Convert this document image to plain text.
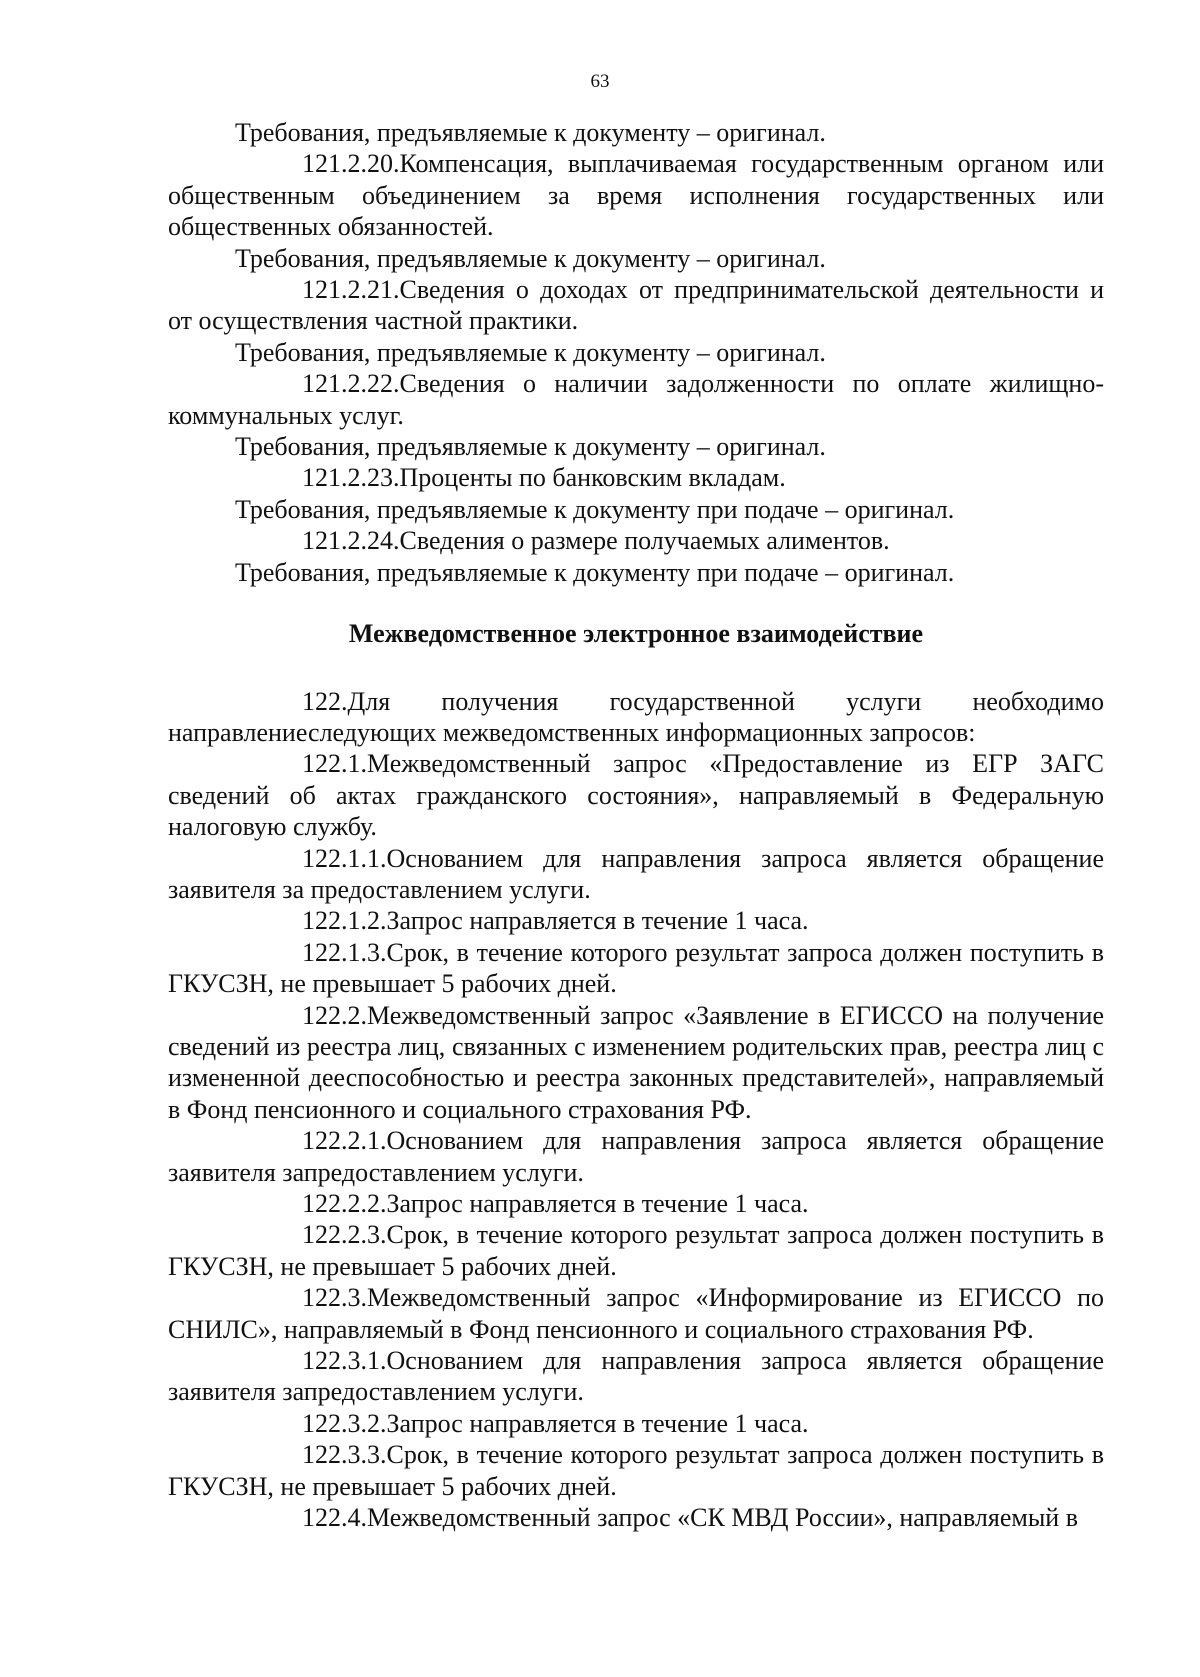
63

Требования, предъявляемые к документу – оригинал.

121.2.20.Компенсация, выплачиваемая государственным органом или общественным объединением за время исполнения государственных или общественных обязанностей.

Требования, предъявляемые к документу – оригинал.

121.2.21.Сведения о доходах от предпринимательской деятельности и от осуществления частной практики.

Требования, предъявляемые к документу – оригинал.

121.2.22.Сведения о наличии задолженности по оплате жилищно-коммунальных услуг.

Требования, предъявляемые к документу – оригинал.

121.2.23.Проценты по банковским вкладам.

Требования, предъявляемые к документу при подаче – оригинал.

121.2.24.Сведения о размере получаемых алиментов.

Требования, предъявляемые к документу при подаче – оригинал.

Межведомственное электронное взаимодействие

122.Для получения государственной услуги необходимо направлениеследующих межведомственных информационных запросов:

122.1.Межведомственный запрос «Предоставление из ЕГР ЗАГС сведений об актах гражданского состояния», направляемый в Федеральную налоговую службу.

122.1.1.Основанием для направления запроса является обращение заявителя за предоставлением услуги.

122.1.2.Запрос направляется в течение 1 часа.

122.1.3.Срок, в течение которого результат запроса должен поступить в ГКУСЗН, не превышает 5 рабочих дней.

122.2.Межведомственный запрос «Заявление в ЕГИССО на получение сведений из реестра лиц, связанных с изменением родительских прав, реестра лиц с измененной дееспособностью и реестра законных представителей», направляемый в Фонд пенсионного и социального страхования РФ.

122.2.1.Основанием для направления запроса является обращение заявителя запредоставлением услуги.

122.2.2.Запрос направляется в течение 1 часа.

122.2.3.Срок, в течение которого результат запроса должен поступить в ГКУСЗН, не превышает 5 рабочих дней.

122.3.Межведомственный запрос «Информирование из ЕГИССО по СНИЛС», направляемый в Фонд пенсионного и социального страхования РФ.

122.3.1.Основанием для направления запроса является обращение заявителя запредоставлением услуги.

122.3.2.Запрос направляется в течение 1 часа.

122.3.3.Срок, в течение которого результат запроса должен поступить в ГКУСЗН, не превышает 5 рабочих дней.

122.4.Межведомственный запрос «СК МВД России», направляемый в
